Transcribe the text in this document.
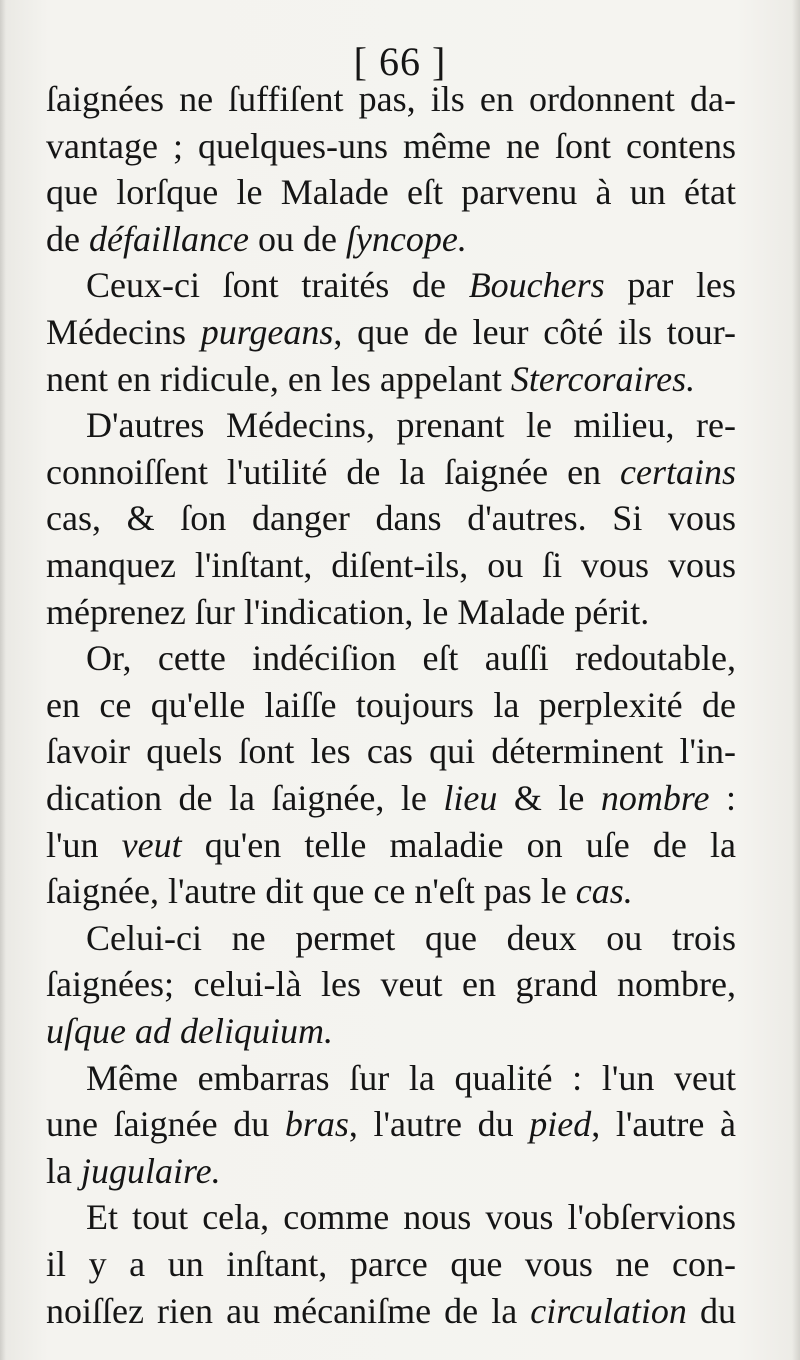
[ 66 ]
ſaignées ne ſuffiſent pas, ils en ordonnent da-
vantage ; quelques-uns même ne ſont contens
que lorſque le Malade eſt parvenu à un état
de défaillance ou de ſyncope.
Ceux-ci ſont traités de Bouchers par les
Médecins purgeans, que de leur côté ils tour-
nent en ridicule, en les appelant Stercoraires.
D'autres Médecins, prenant le milieu, re-
connoiſſent l'utilité de la ſaignée en certains
cas, & ſon danger dans d'autres. Si vous
manquez l'inſtant, diſent-ils, ou ſi vous vous
méprenez ſur l'indication, le Malade périt.
Or, cette indéciſion eſt auſſi redoutable,
en ce qu'elle laiſſe toujours la perplexité de
ſavoir quels ſont les cas qui déterminent l'in-
dication de la ſaignée, le lieu & le nombre :
l'un veut qu'en telle maladie on uſe de la
ſaignée, l'autre dit que ce n'eſt pas le cas.
Celui-ci ne permet que deux ou trois
ſaignées; celui-là les veut en grand nombre,
uſque ad deliquium.
Même embarras ſur la qualité : l'un veut
une ſaignée du bras, l'autre du pied, l'autre à
la jugulaire.
Et tout cela, comme nous vous l'obſervions
il y a un inſtant, parce que vous ne con-
noiſſez rien au mécaniſme de la circulation du
